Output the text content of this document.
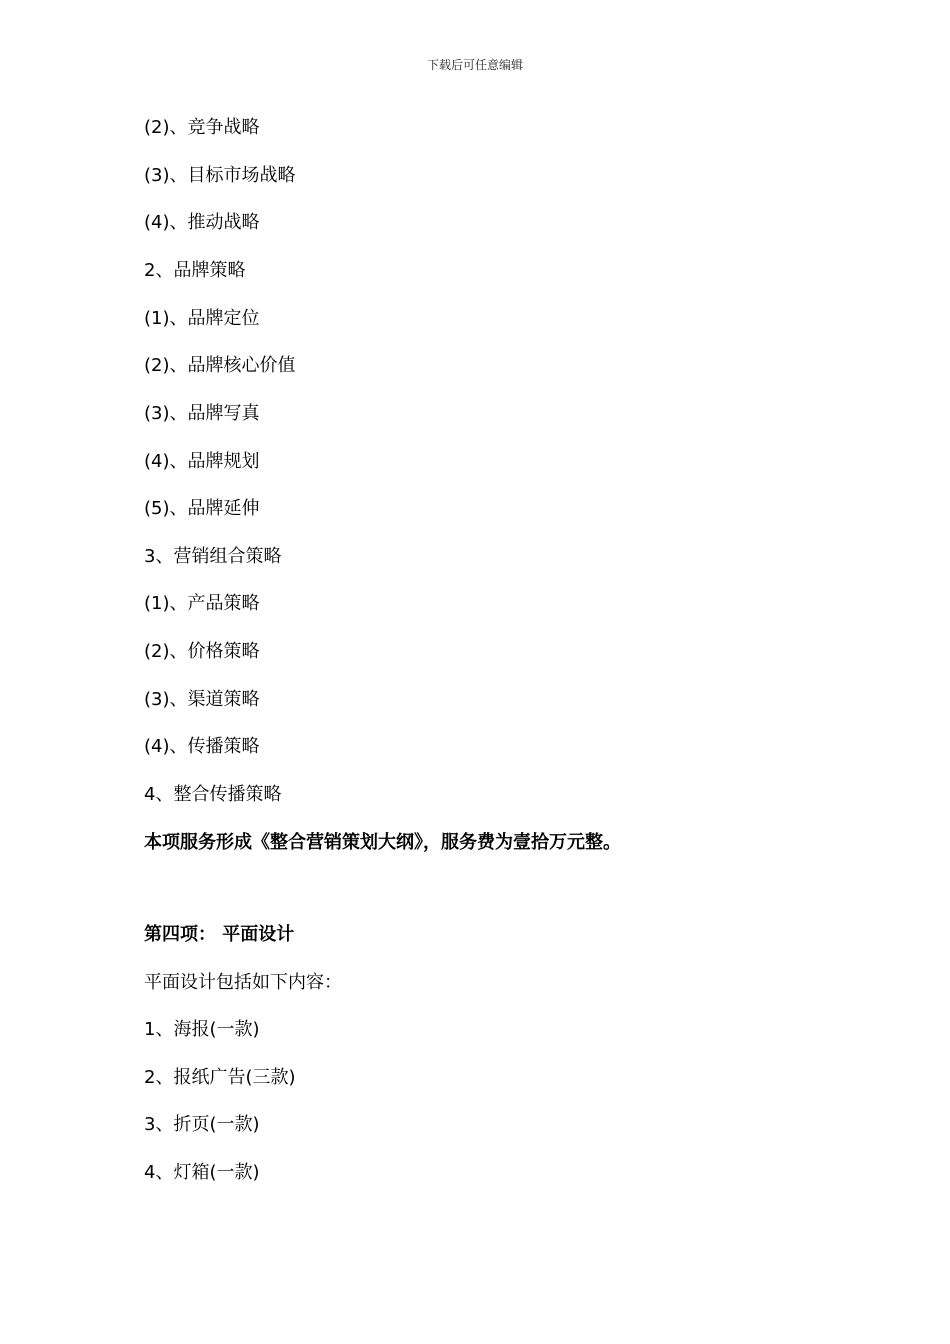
下载后可任意编辑
(2)、竞争战略
(3)、目标市场战略
(4)、推动战略
2、品牌策略
(1)、品牌定位
(2)、品牌核心价值
(3)、品牌写真
(4)、品牌规划
(5)、品牌延伸
3、营销组合策略
(1)、产品策略
(2)、价格策略
(3)、渠道策略
(4)、传播策略
4、整合传播策略
本项服务形成《整合营销策划大纲》，服务费为壹拾万元整。
第四项： 平面设计
平面设计包括如下内容：
1、海报(一款)
2、报纸广告(三款)
3、折页(一款)
4、灯箱(一款)
